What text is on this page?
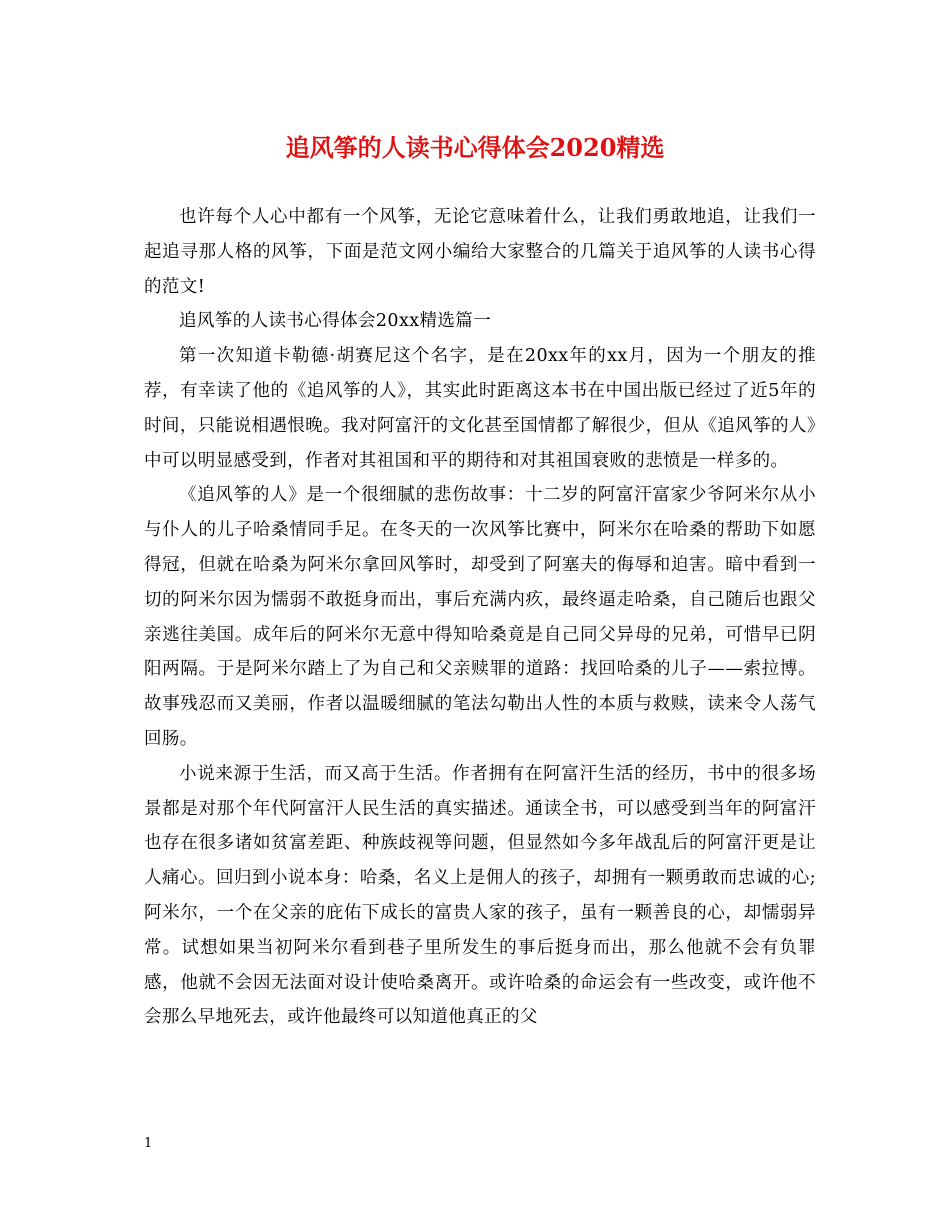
追风筝的人读书心得体会2020精选

也许每个人心中都有一个风筝，无论它意味着什么，让我们勇敢地追，让我们一起追寻那人格的风筝，下面是范文网小编给大家整合的几篇关于追风筝的人读书心得的范文!

追风筝的人读书心得体会20xx精选篇一

第一次知道卡勒德·胡赛尼这个名字，是在20xx年的xx月，因为一个朋友的推荐，有幸读了他的《追风筝的人》，其实此时距离这本书在中国出版已经过了近5年的时间，只能说相遇恨晚。我对阿富汗的文化甚至国情都了解很少，但从《追风筝的人》中可以明显感受到，作者对其祖国和平的期待和对其祖国衰败的悲愤是一样多的。

《追风筝的人》是一个很细腻的悲伤故事：十二岁的阿富汗富家少爷阿米尔从小与仆人的儿子哈桑情同手足。在冬天的一次风筝比赛中，阿米尔在哈桑的帮助下如愿得冠，但就在哈桑为阿米尔拿回风筝时，却受到了阿塞夫的侮辱和迫害。暗中看到一切的阿米尔因为懦弱不敢挺身而出，事后充满内疚，最终逼走哈桑，自己随后也跟父亲逃往美国。成年后的阿米尔无意中得知哈桑竟是自己同父异母的兄弟，可惜早已阴阳两隔。于是阿米尔踏上了为自己和父亲赎罪的道路：找回哈桑的儿子——索拉博。故事残忍而又美丽，作者以温暖细腻的笔法勾勒出人性的本质与救赎，读来令人荡气回肠。

小说来源于生活，而又高于生活。作者拥有在阿富汗生活的经历，书中的很多场景都是对那个年代阿富汗人民生活的真实描述。通读全书，可以感受到当年的阿富汗也存在很多诸如贫富差距、种族歧视等问题，但显然如今多年战乱后的阿富汗更是让人痛心。回归到小说本身：哈桑，名义上是佣人的孩子，却拥有一颗勇敢而忠诚的心;阿米尔，一个在父亲的庇佑下成长的富贵人家的孩子，虽有一颗善良的心，却懦弱异常。试想如果当初阿米尔看到巷子里所发生的事后挺身而出，那么他就不会有负罪感，他就不会因无法面对设计使哈桑离开。或许哈桑的命运会有一些改变，或许他不会那么早地死去，或许他最终可以知道他真正的父

1
